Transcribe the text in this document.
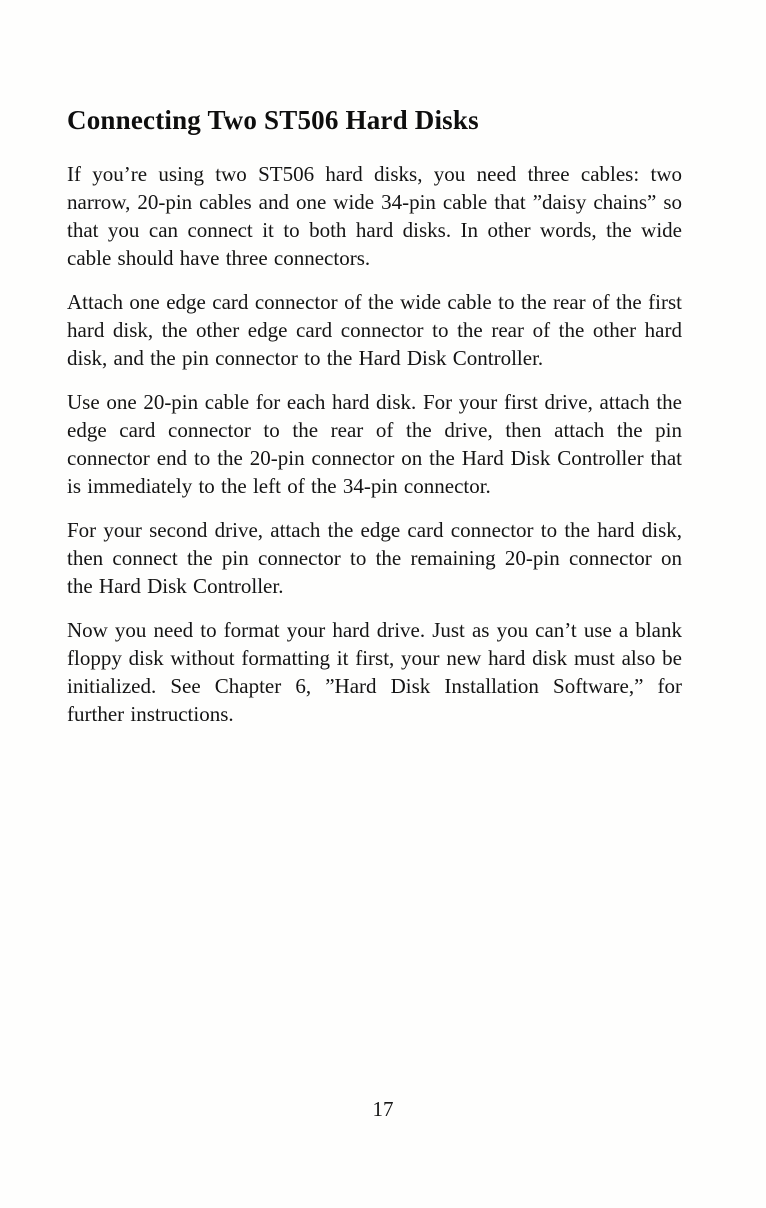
Connecting Two ST506 Hard Disks

If you’re using two ST506 hard disks, you need three cables: two narrow, 20-pin cables and one wide 34-pin cable that ”daisy chains” so that you can connect it to both hard disks. In other words, the wide cable should have three connectors.

Attach one edge card connector of the wide cable to the rear of the first hard disk, the other edge card connector to the rear of the other hard disk, and the pin connector to the Hard Disk Controller.

Use one 20-pin cable for each hard disk. For your first drive, attach the edge card connector to the rear of the drive, then attach the pin connector end to the 20-pin connector on the Hard Disk Controller that is immediately to the left of the 34-pin connector.

For your second drive, attach the edge card connector to the hard disk, then connect the pin connector to the remaining 20-pin connector on the Hard Disk Controller.

Now you need to format your hard drive. Just as you can’t use a blank floppy disk without formatting it first, your new hard disk must also be initialized. See Chapter 6, ”Hard Disk Installation Software,” for further instructions.

17
